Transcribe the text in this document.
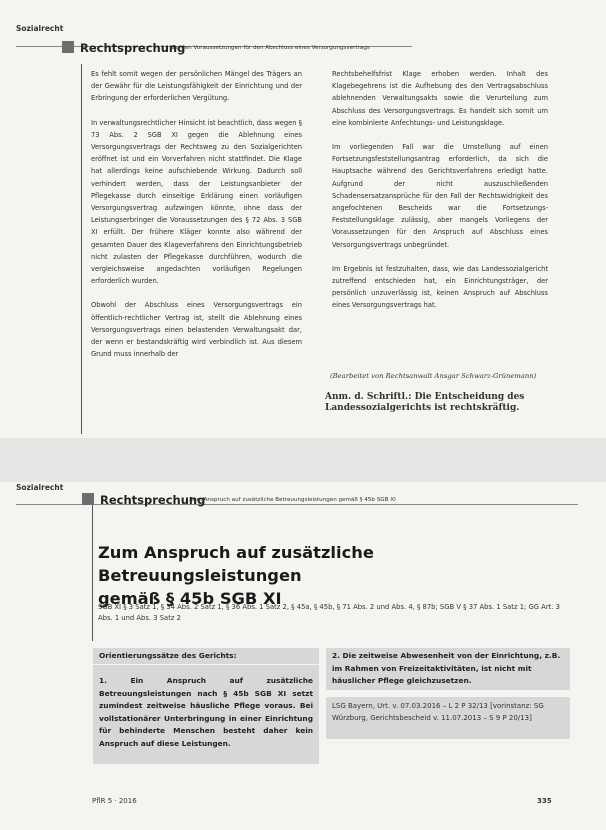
Sozialrecht
Rechtsprechung
Zu den Voraussetzungen für den Abschluss eines Versorgungsvertrags

Es fehlt somit wegen der persönlichen Mängel des Trägers an der Gewähr für die Leistungsfähigkeit der Einrichtung und der Erbringung der erforderlichen Vergütung.

In verwaltungsrechtlicher Hinsicht ist beachtlich, dass wegen § 73 Abs. 2 SGB XI gegen die Ablehnung eines Versorgungsvertrags der Rechtsweg zu den Sozialgerichten eröffnet ist und ein Vorverfahren nicht stattfindet. Die Klage hat allerdings keine aufschiebende Wirkung. Dadurch soll verhindert werden, dass der Leistungsanbieter der Pflegekasse durch einseitige Erklärung einen vorläufigen Versorgungsvertrag aufzwingen könnte, ohne dass der Leistungserbringer die Voraussetzungen des § 72 Abs. 3 SGB XI erfüllt. Der frühere Kläger konnte also während der gesamten Dauer des Klageverfahrens den Einrichtungsbetrieb nicht zulasten der Pflegekasse durchführen, wodurch die vergleichsweise angedachten vorläufigen Regelungen erforderlich wurden.

Obwohl der Abschluss eines Versorgungsvertrags ein öffentlich-rechtlicher Vertrag ist, stellt die Ablehnung eines Versorgungsvertrags einen belastenden Verwaltungsakt dar, der wenn er bestandskräftig wird verbindlich ist. Aus diesem Grund muss innerhalb der

Rechtsbehelfsfrist Klage erhoben werden. Inhalt des Klagebegehrens ist die Aufhebung des den Vertragsabschluss ablehnenden Verwaltungsakts sowie die Verurteilung zum Abschluss des Versorgungsvertrags. Es handelt sich somit um eine kombinierte Anfechtungs- und Leistungsklage.

Im vorliegenden Fall war die Umstellung auf einen Fortsetzungsfeststellungsantrag erforderlich, da sich die Hauptsache während des Gerichtsverfahrens erledigt hatte. Aufgrund der nicht auszuschließenden Schadensersatzansprüche für den Fall der Rechtswidrigkeit des angefochtenen Bescheids war die Fortsetzungs-Feststellungsklage zulässig, aber mangels Vorliegens der Voraussetzungen für den Anspruch auf Abschluss eines Versorgungsvertrags unbegründet.

Im Ergebnis ist festzuhalten, dass, wie das Landessozialgericht zutreffend entschieden hat, ein Einrichtungsträger, der persönlich unzuverlässig ist, keinen Anspruch auf Abschluss eines Versorgungsvertrags hat.

(Bearbeitet von Rechtsanwalt Ansgar Schwarz-Grünemann)
Anm. d. Schriftl.: Die Entscheidung des Landessozialgerichts ist rechtskräftig.
Sozialrecht
Rechtsprechung
Zum Anspruch auf zusätzliche Betreuungsleistungen gemäß § 45b SGB XI
Zum Anspruch auf zusätzliche Betreuungsleistungen
gemäß § 45b SGB XI
SGB XI § 3 Satz 1, § 34 Abs. 2 Satz 1, § 36 Abs. 1 Satz 2, § 45a, § 45b, § 71 Abs. 2 und Abs. 4, § 87b; SGB V § 37 Abs. 1 Satz 1; GG Art. 3 Abs. 1 und Abs. 3 Satz 2
Orientierungssätze des Gerichts:
1. Ein Anspruch auf zusätzliche Betreuungsleistungen nach § 45b SGB XI setzt zumindest zeitweise häusliche Pflege voraus. Bei vollstationärer Unterbringung in einer Einrichtung für behinderte Menschen besteht daher kein Anspruch auf diese Leistungen.
2. Die zeitweise Abwesenheit von der Einrichtung, z.B. im Rahmen von Freizeitaktivitäten, ist nicht mit häuslicher Pflege gleichzusetzen.
LSG Bayern, Urt. v. 07.03.2016 – L 2 P 32/13 [vorinstanz: SG Würzburg, Gerichtsbescheid v. 11.07.2013 – S 9 P 20/13]
PflR 5 · 2016	335
